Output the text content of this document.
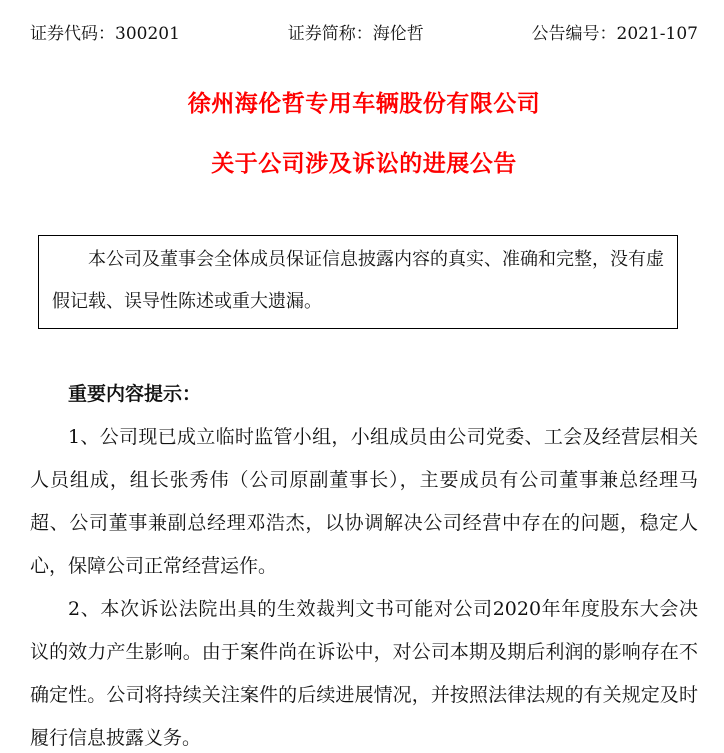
证券代码：300201	证券简称：海伦哲	公告编号：2021-107
徐州海伦哲专用车辆股份有限公司
关于公司涉及诉讼的进展公告

本公司及董事会全体成员保证信息披露内容的真实、准确和完整，没有虚假记载、误导性陈述或重大遗漏。

重要内容提示：

1、公司现已成立临时监管小组，小组成员由公司党委、工会及经营层相关人员组成，组长张秀伟（公司原副董事长），主要成员有公司董事兼总经理马超、公司董事兼副总经理邓浩杰，以协调解决公司经营中存在的问题，稳定人心，保障公司正常经营运作。

2、本次诉讼法院出具的生效裁判文书可能对公司2020年年度股东大会决议的效力产生影响。由于案件尚在诉讼中，对公司本期及期后利润的影响存在不确定性。公司将持续关注案件的后续进展情况，并按照法律法规的有关规定及时履行信息披露义务。
